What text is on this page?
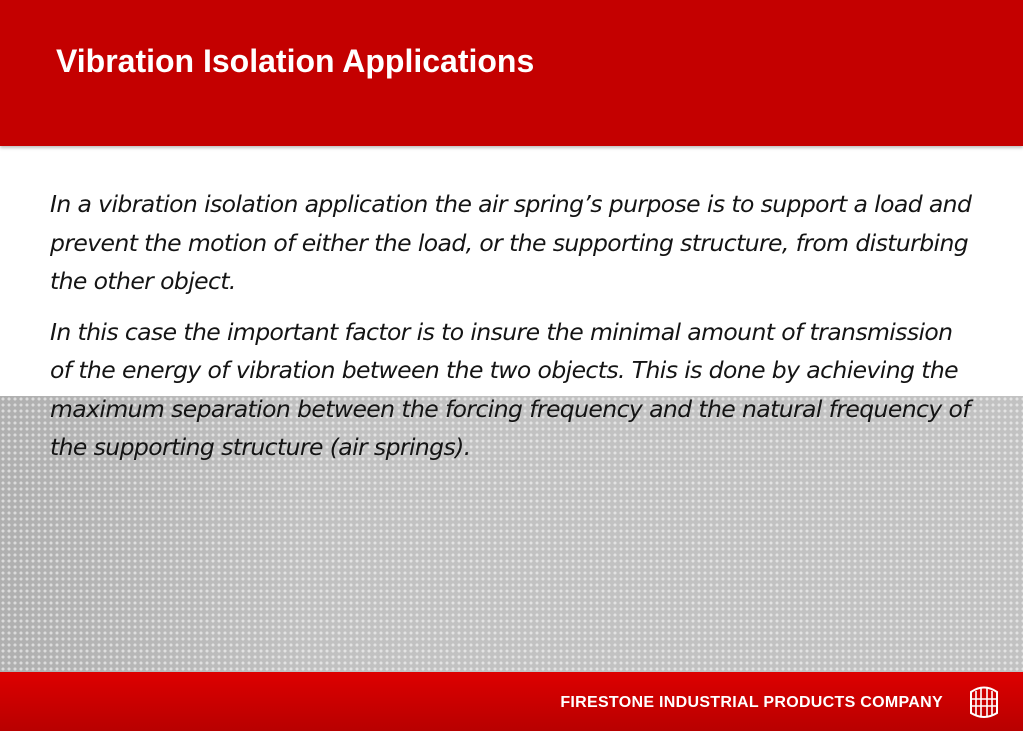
Vibration Isolation Applications

In a vibration isolation application the air spring’s purpose is to support a load and prevent the motion of either the load, or the supporting structure, from disturbing the other object.

In this case the important factor is to insure the minimal amount of transmission of the energy of vibration between the two objects. This is done by achieving the maximum separation between the forcing frequency and the natural frequency of the supporting structure (air springs).

FIRESTONE INDUSTRIAL PRODUCTS COMPANY
